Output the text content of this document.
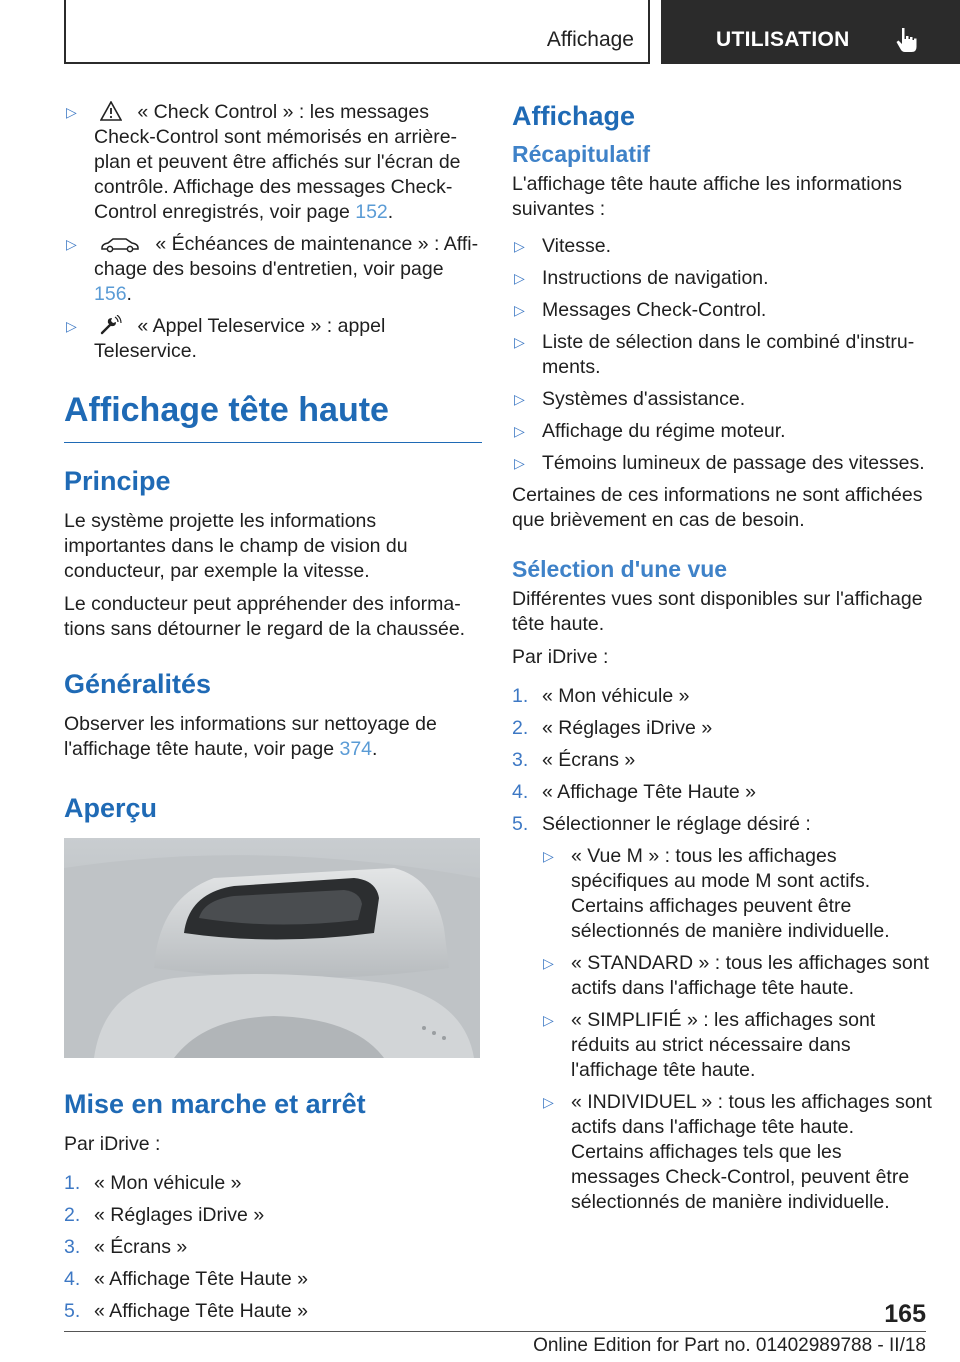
Affichage	UTILISATION
▷	« Check Control » : les messages Check-Control sont mémorisés en arrière-plan et peuvent être affichés sur l'écran de contrôle. Affichage des messages Check-Control enregistrés, voir page 152.
▷	« Échéances de maintenance » : Affichage des besoins d'entretien, voir page 156.
▷	« Appel Teleservice » : appel Teleservice.
Affichage tête haute
Principe

Le système projette les informations importantes dans le champ de vision du conducteur, par exemple la vitesse.

Le conducteur peut appréhender des informations sans détourner le regard de la chaussée.

Généralités

Observer les informations sur nettoyage de l'affichage tête haute, voir page 374.

Aperçu
Mise en marche et arrêt

Par iDrive :

1. « Mon véhicule »
2. « Réglages iDrive »
3. « Écrans »
4. « Affichage Tête Haute »
5. « Affichage Tête Haute »
Affichage
Récapitulatif

L'affichage tête haute affiche les informations suivantes :

▷ Vitesse.
▷ Instructions de navigation.
▷ Messages Check-Control.
▷ Liste de sélection dans le combiné d'instruments.
▷ Systèmes d'assistance.
▷ Affichage du régime moteur.
▷ Témoins lumineux de passage des vitesses.

Certaines de ces informations ne sont affichées que brièvement en cas de besoin.

Sélection d'une vue

Différentes vues sont disponibles sur l'affichage tête haute.

Par iDrive :

1. « Mon véhicule »
2. « Réglages iDrive »
3. « Écrans »
4. « Affichage Tête Haute »
5. Sélectionner le réglage désiré :
▷ « Vue M » : tous les affichages spécifiques au mode M sont actifs. Certains affichages peuvent être sélectionnés de manière individuelle.
▷ « STANDARD » : tous les affichages sont actifs dans l'affichage tête haute.
▷ « SIMPLIFIÉ » : les affichages sont réduits au strict nécessaire dans l'affichage tête haute.
▷ « INDIVIDUEL » : tous les affichages sont actifs dans l'affichage tête haute. Certains affichages tels que les messages Check-Control, peuvent être sélectionnés de manière individuelle.
165
Online Edition for Part no. 01402989788 - II/18
